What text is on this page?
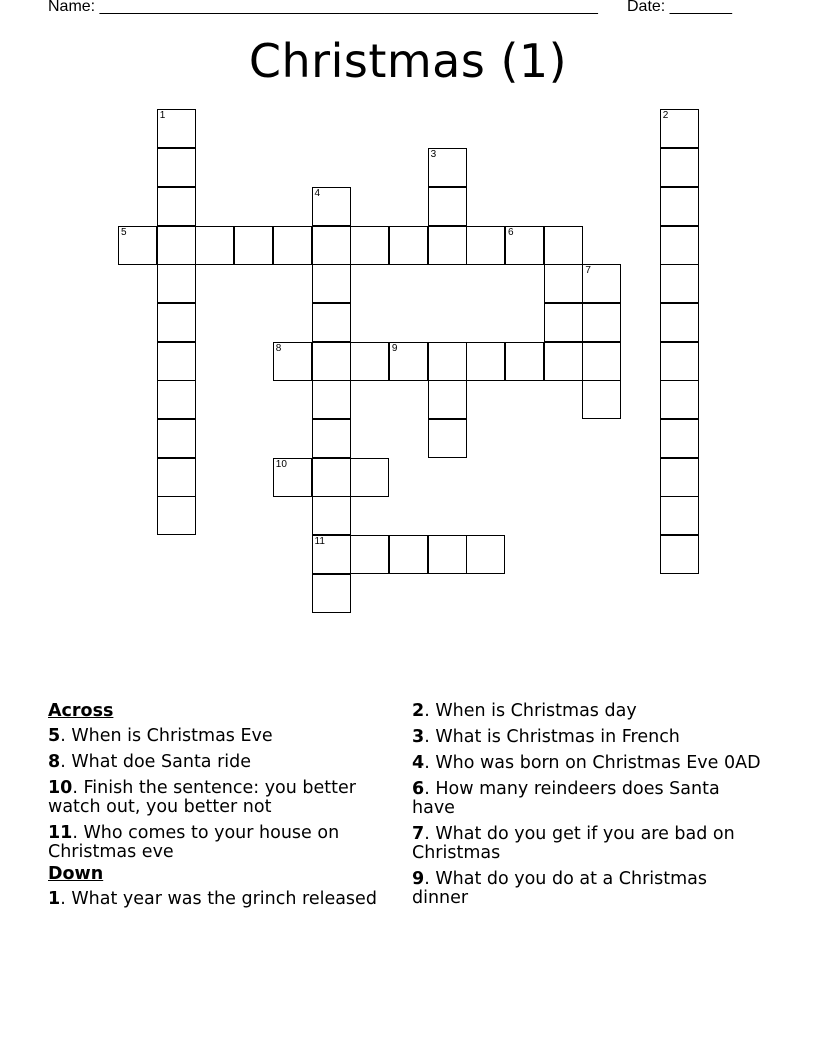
Name: ________________________________________________________ Date: _______
Christmas (1)
1	2
3
4
11
5	6
7
8	9
10
Across
5. When is Christmas Eve
8. What doe Santa ride
10. Finish the sentence: you better watch out, you better not
11. Who comes to your house on Christmas eve
Down
1. What year was the grinch released
2. When is Christmas day
3. What is Christmas in French
4. Who was born on Christmas Eve 0AD
6. How many reindeers does Santa have
7. What do you get if you are bad on Christmas
9. What do you do at a Christmas dinner
